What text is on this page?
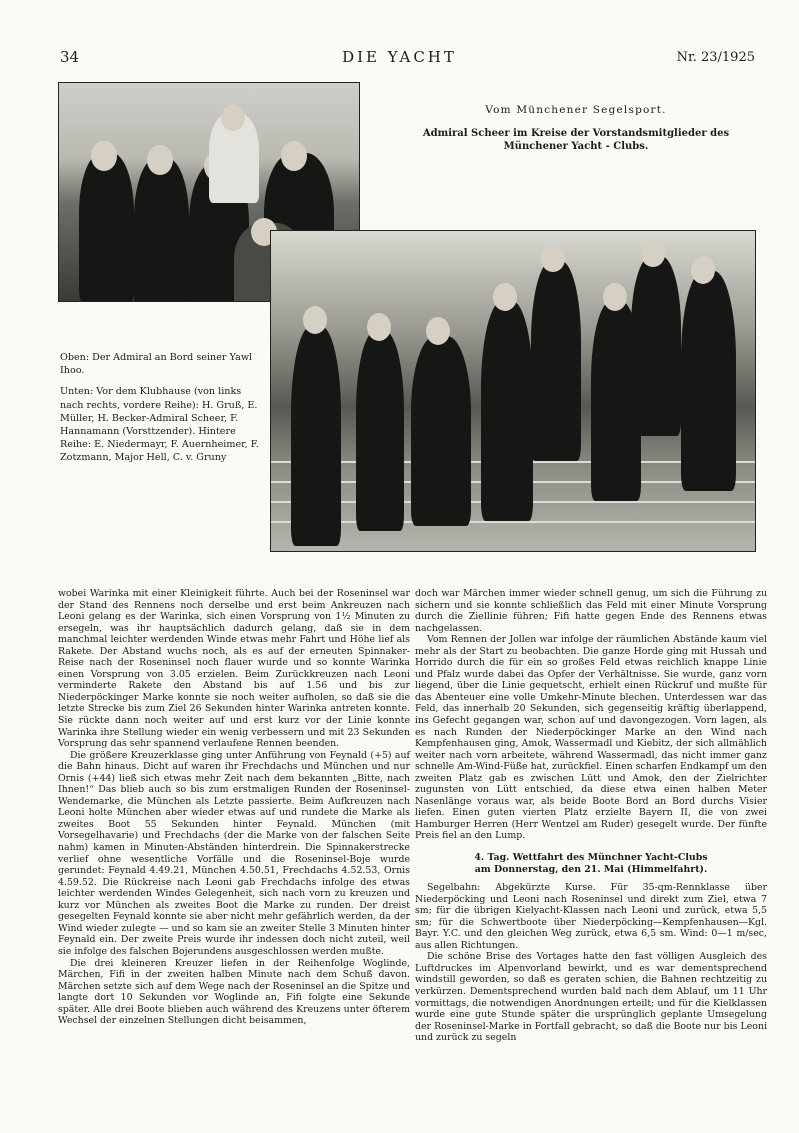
34	DIE YACHT	Nr. 23/1925
Vom Münchener Segelsport.
Admiral Scheer im Kreise der Vorstandsmitglieder des
Münchener Yacht - Clubs.

Oben: Der Admiral an Bord seiner Yawl Ihoo.

Unten: Vor dem Klubhause (von links nach rechts, vordere Reihe): H. Gruß, E. Müller, H. Becker-Admiral Scheer, F. Hannamann (Vorsttzender). Hintere Reihe: E. Niedermayr, F. Auernheimer, F. Zotzmann, Major Hell, C. v. Gruny

wobei Warinka mit einer Kleinigkeit führte. Auch bei der Roseninsel war der Stand des Rennens noch derselbe und erst beim Ankreuzen nach Leoni gelang es der Warinka, sich einen Vorsprung von 1½ Minuten zu ersegeln, was ihr hauptsächlich dadurch gelang, daß sie in dem manchmal leichter werdenden Winde etwas mehr Fahrt und Höhe lief als Rakete. Der Abstand wuchs noch, als es auf der erneuten Spinnaker-Reise nach der Roseninsel noch flauer wurde und so konnte Warinka einen Vorsprung von 3.05 erzielen. Beim Zurückkreuzen nach Leoni verminderte Rakete den Abstand bis auf 1.56 und bis zur Niederpöckinger Marke konnte sie noch weiter aufholen, so daß sie die letzte Strecke bis zum Ziel 26 Sekunden hinter Warinka antreten konnte. Sie rückte dann noch weiter auf und erst kurz vor der Linie konnte Warinka ihre Stellung wieder ein wenig verbessern und mit 23 Sekunden Vorsprung das sehr spannend verlaufene Rennen beenden.

Die größere Kreuzerklasse ging unter Anführung von Feynald (+5) auf die Bahn hinaus. Dicht auf waren ihr Frechdachs und München und nur Ornis (+44) ließ sich etwas mehr Zeit nach dem bekannten „Bitte, nach Ihnen!“ Das blieb auch so bis zum erstmaligen Runden der Roseninsel-Wendemarke, die München als Letzte passierte. Beim Aufkreuzen nach Leoni holte München aber wieder etwas auf und rundete die Marke als zweites Boot 55 Sekunden hinter Feynald. München (mit Vorsegelhavarie) und Frechdachs (der die Marke von der falschen Seite nahm) kamen in Minuten-Abständen hinterdrein. Die Spinnakerstrecke verlief ohne wesentliche Vorfälle und die Roseninsel-Boje wurde gerundet: Feynald 4.49.21, München 4.50.51, Frechdachs 4.52.53, Ornis 4.59.52. Die Rückreise nach Leoni gab Frechdachs infolge des etwas leichter werdenden Windes Gelegenheit, sich nach vorn zu kreuzen und kurz vor München als zweites Boot die Marke zu runden. Der dreist gesegelten Feynald konnte sie aber nicht mehr gefährlich werden, da der Wind wieder zulegte — und so kam sie an zweiter Stelle 3 Minuten hinter Feynald ein. Der zweite Preis wurde ihr indessen doch nicht zuteil, weil sie infolge des falschen Bojerundens ausgeschlossen werden mußte.

Die drei kleineren Kreuzer liefen in der Reihenfolge Woglinde, Märchen, Fifi in der zweiten halben Minute nach dem Schuß davon. Märchen setzte sich auf dem Wege nach der Roseninsel an die Spitze und langte dort 10 Sekunden vor Woglinde an, Fifi folgte eine Sekunde später. Alle drei Boote blieben auch während des Kreuzens unter öfterem Wechsel der einzelnen Stellungen dicht beisammen,

doch war Märchen immer wieder schnell genug, um sich die Führung zu sichern und sie konnte schließlich das Feld mit einer Minute Vorsprung durch die Ziellinie führen; Fifi hatte gegen Ende des Rennens etwas nachgelassen.

Vom Rennen der Jollen war infolge der räumlichen Abstände kaum viel mehr als der Start zu beobachten. Die ganze Horde ging mit Hussah und Horrido durch die für ein so großes Feld etwas reichlich knappe Linie und Pfalz wurde dabei das Opfer der Verhältnisse. Sie wurde, ganz vorn liegend, über die Linie gequetscht, erhielt einen Rückruf und mußte für das Abenteuer eine volle Umkehr-Minute blechen. Unterdessen war das Feld, das innerhalb 20 Sekunden, sich gegenseitig kräftig überlappend, ins Gefecht gegangen war, schon auf und davongezogen. Vorn lagen, als es nach Runden der Niederpöckinger Marke an den Wind nach Kempfenhausen ging, Amok, Wassermadl und Kiebitz, der sich allmählich weiter nach vorn arbeitete, während Wassermadl, das nicht immer ganz schnelle Am-Wind-Füße hat, zurückfiel. Einen scharfen Endkampf um den zweiten Platz gab es zwischen Lütt und Amok, den der Zielrichter zugunsten von Lütt entschied, da diese etwa einen halben Meter Nasenlänge voraus war, als beide Boote Bord an Bord durchs Visier liefen. Einen guten vierten Platz erzielte Bayern II, die von zwei Hamburger Herren (Herr Wentzel am Ruder) gesegelt wurde. Der fünfte Preis fiel an den Lump.

4. Tag. Wettfahrt des Münchner Yacht-Clubs
am Donnerstag, den 21. Mai (Himmelfahrt).

Segelbahn: Abgekürzte Kurse. Für 35-qm-Rennklasse über Niederpöcking und Leoni nach Roseninsel und direkt zum Ziel, etwa 7 sm; für die übrigen Kielyacht-Klassen nach Leoni und zurück, etwa 5,5 sm; für die Schwertboote über Niederpöcking—Kempfenhausen—Kgl. Bayr. Y.C. und den gleichen Weg zurück, etwa 6,5 sm. Wind: 0—1 m/sec, aus allen Richtungen.

Die schöne Brise des Vortages hatte den fast völligen Ausgleich des Luftdruckes im Alpenvorland bewirkt, und es war dementsprechend windstill geworden, so daß es geraten schien, die Bahnen rechtzeitig zu verkürzen. Dementsprechend wurden bald nach dem Ablauf, um 11 Uhr vormittags, die notwendigen Anordnungen erteilt; und für die Kielklassen wurde eine gute Stunde später die ursprünglich geplante Umsegelung der Roseninsel-Marke in Fortfall gebracht, so daß die Boote nur bis Leoni und zurück zu segeln
